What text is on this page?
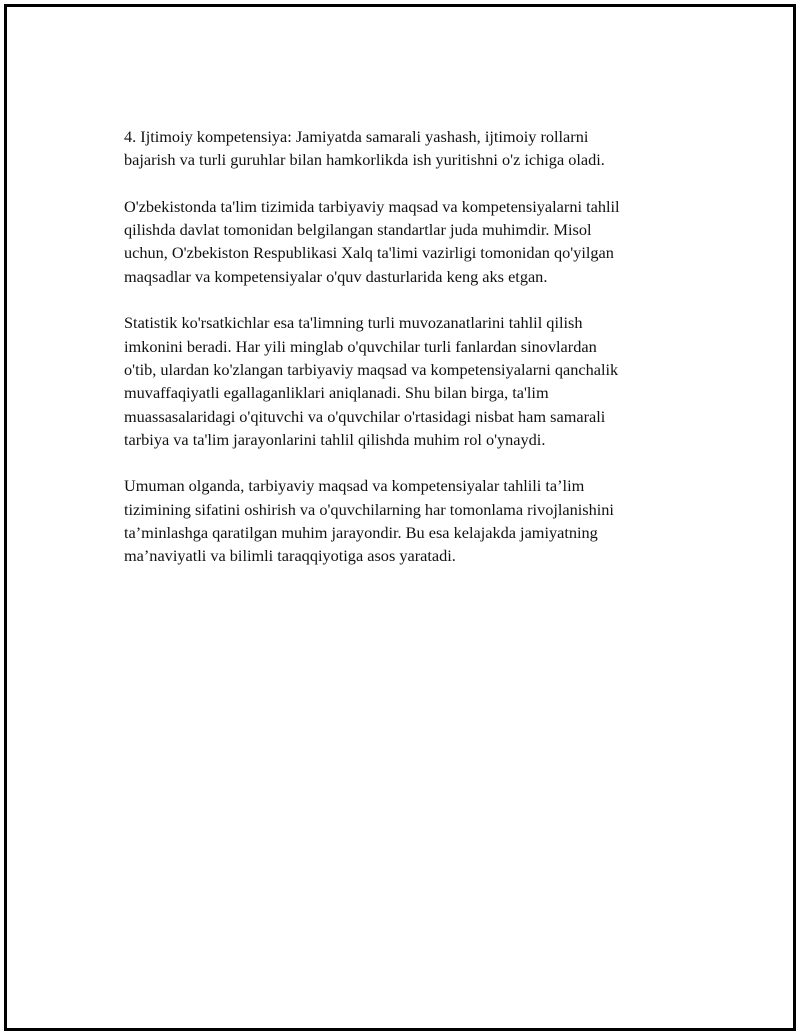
4. Ijtimoiy kompetensiya: Jamiyatda samarali yashash, ijtimoiy rollarni
bajarish va turli guruhlar bilan hamkorlikda ish yuritishni o'z ichiga oladi.

O'zbekistonda ta'lim tizimida tarbiyaviy maqsad va kompetensiyalarni tahlil
qilishda davlat tomonidan belgilangan standartlar juda muhimdir. Misol
uchun, O'zbekiston Respublikasi Xalq ta'limi vazirligi tomonidan qo'yilgan
maqsadlar va kompetensiyalar o'quv dasturlarida keng aks etgan.

Statistik ko'rsatkichlar esa ta'limning turli muvozanatlarini tahlil qilish
imkonini beradi. Har yili minglab o'quvchilar turli fanlardan sinovlardan
o'tib, ulardan ko'zlangan tarbiyaviy maqsad va kompetensiyalarni qanchalik
muvaffaqiyatli egallaganliklari aniqlanadi. Shu bilan birga, ta'lim
muassasalaridagi o'qituvchi va o'quvchilar o'rtasidagi nisbat ham samarali
tarbiya va ta'lim jarayonlarini tahlil qilishda muhim rol o'ynaydi.

Umuman olganda, tarbiyaviy maqsad va kompetensiyalar tahlili ta’lim
tizimining sifatini oshirish va o'quvchilarning har tomonlama rivojlanishini
ta’minlashga qaratilgan muhim jarayondir. Bu esa kelajakda jamiyatning
ma’naviyatli va bilimli taraqqiyotiga asos yaratadi.
